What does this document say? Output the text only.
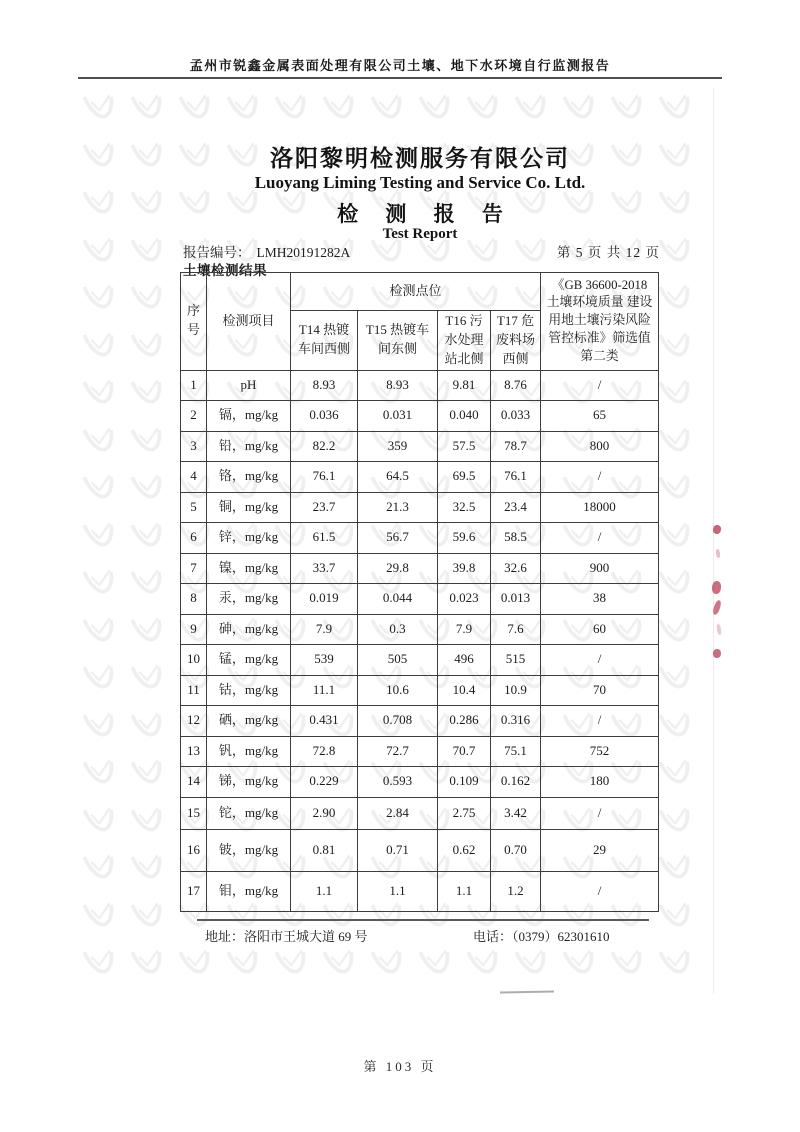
孟州市锐鑫金属表面处理有限公司土壤、地下水环境自行监测报告
洛阳黎明检测服务有限公司
Luoyang Liming Testing and Service Co. Ltd.
检 测 报 告
Test Report
报告编号： LMH20191282A	第 5 页 共 12 页
土壤检测结果
序号	检测项目	检测点位				《GB 36600-2018 土壤环境质量 建设用地土壤污染风险管控标准》筛选值第二类
		T14 热镀车间西侧	T15 热镀车间东侧	T16 污水处理站北侧	T17 危废料场西侧	
1	pH	8.93	8.93	9.81	8.76	/
2	镉，mg/kg	0.036	0.031	0.040	0.033	65
3	铅，mg/kg	82.2	359	57.5	78.7	800
4	铬，mg/kg	76.1	64.5	69.5	76.1	/
5	铜，mg/kg	23.7	21.3	32.5	23.4	18000
6	锌，mg/kg	61.5	56.7	59.6	58.5	/
7	镍，mg/kg	33.7	29.8	39.8	32.6	900
8	汞，mg/kg	0.019	0.044	0.023	0.013	38
9	砷，mg/kg	7.9	0.3	7.9	7.6	60
10	锰，mg/kg	539	505	496	515	/
11	钴，mg/kg	11.1	10.6	10.4	10.9	70
12	硒，mg/kg	0.431	0.708	0.286	0.316	/
13	钒，mg/kg	72.8	72.7	70.7	75.1	752
14	锑，mg/kg	0.229	0.593	0.109	0.162	180
15	铊，mg/kg	2.90	2.84	2.75	3.42	/
16	铍，mg/kg	0.81	0.71	0.62	0.70	29
17	钼，mg/kg	1.1	1.1	1.1	1.2	/
地址：洛阳市王城大道 69 号	电话：（0379）62301610
第 103 页
